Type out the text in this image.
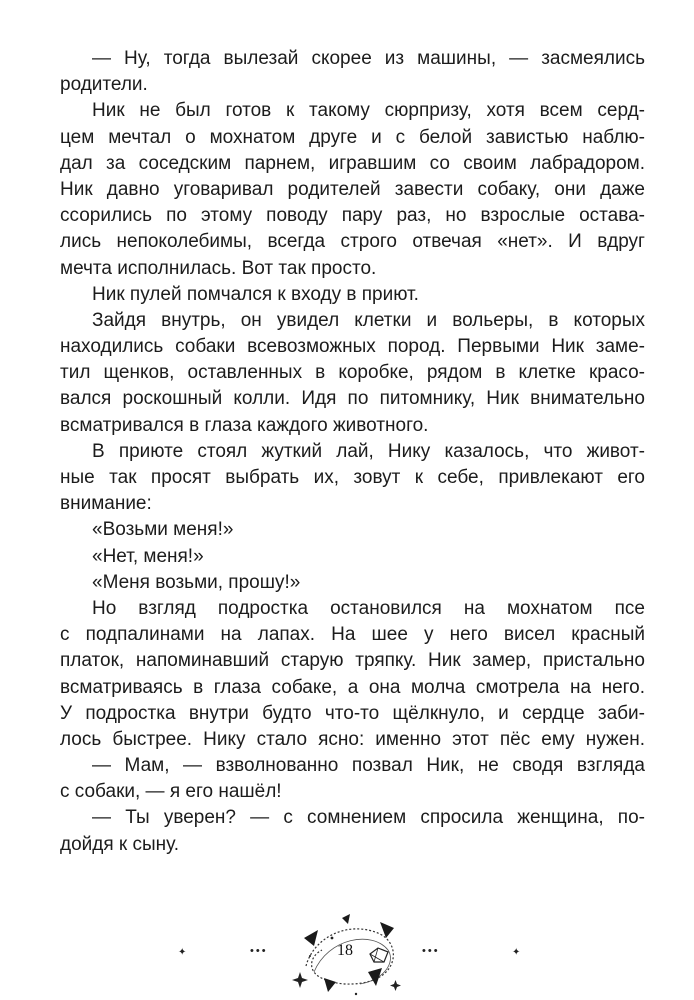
— Ну, тогда вылезай скорее из машины, — засмеялись
родители.
Ник не был готов к такому сюрпризу, хотя всем серд-
цем мечтал о мохнатом друге и с белой завистью наблю-
дал за соседским парнем, игравшим со своим лабрадором.
Ник давно уговаривал родителей завести собаку, они даже
ссорились по этому поводу пару раз, но взрослые остава-
лись непоколебимы, всегда строго отвечая «нет». И вдруг
мечта исполнилась. Вот так просто.
Ник пулей помчался к входу в приют.
Зайдя внутрь, он увидел клетки и вольеры, в которых
находились собаки всевозможных пород. Первыми Ник заме-
тил щенков, оставленных в коробке, рядом в клетке красо-
вался роскошный колли. Идя по питомнику, Ник внимательно
всматривался в глаза каждого животного.
В приюте стоял жуткий лай, Нику казалось, что живот-
ные так просят выбрать их, зовут к себе, привлекают его
внимание:
«Возьми меня!»
«Нет, меня!»
«Меня возьми, прошу!»
Но взгляд подростка остановился на мохнатом псе
с подпалинами на лапах. На шее у него висел красный
платок, напоминавший старую тряпку. Ник замер, пристально
всматриваясь в глаза собаке, а она молча смотрела на него.
У подростка внутри будто что-то щёлкнуло, и сердце заби-
лось быстрее. Нику стало ясно: именно этот пёс ему нужен.
— Мам, — взволнованно позвал Ник, не сводя взгляда
с собаки, — я его нашёл!
— Ты уверен? — с сомнением спросила женщина, по-
дойдя к сыну.
✦	•••	•••	✦
18
